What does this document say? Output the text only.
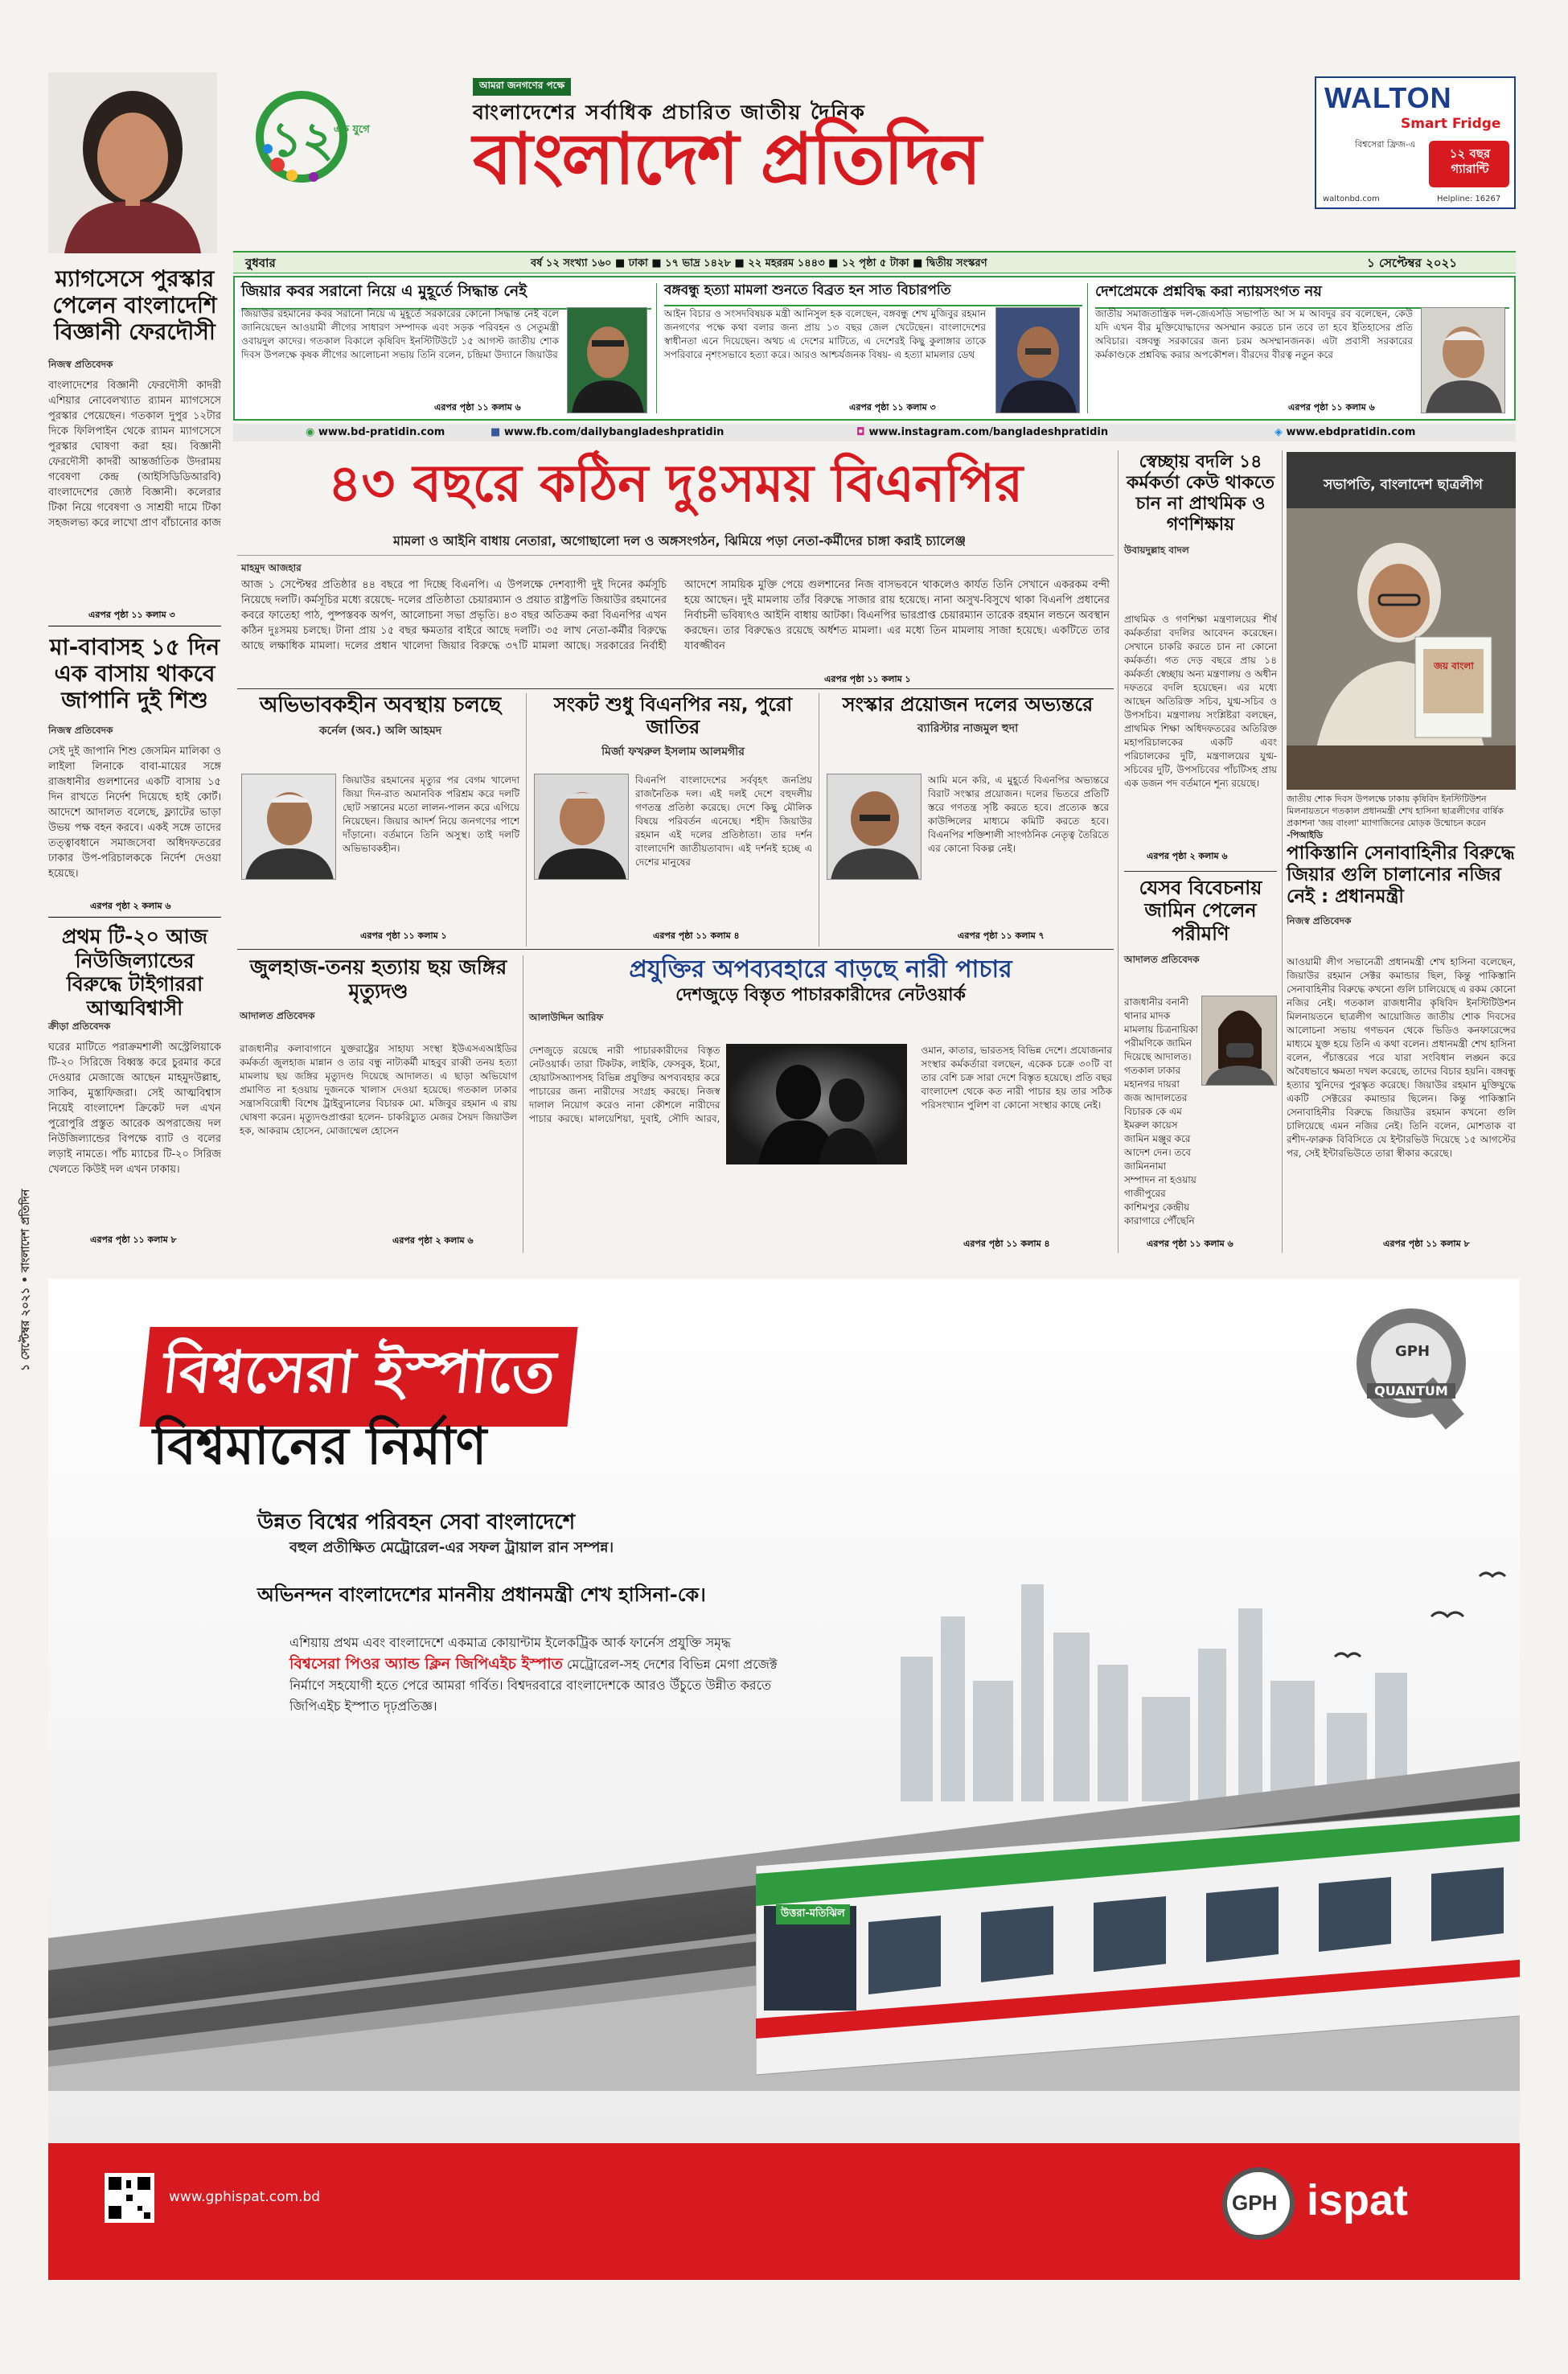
ম্যাগসেসে পুরস্কার পেলেন বাংলাদেশি বিজ্ঞানী ফেরদৌসী
নিজস্ব প্রতিবেদক
বাংলাদেশের বিজ্ঞানী ফেরদৌসী কাদরী এশিয়ার নোবেলখ্যাত র‍্যামন ম্যাগসেসে পুরস্কার পেয়েছেন। গতকাল দুপুর ১২টার দিকে ফিলিপাইন থেকে র‍্যামন ম্যাগসেসে পুরস্কার ঘোষণা করা হয়। বিজ্ঞানী ফেরদৌসী কাদরী আন্তর্জাতিক উদরাময় গবেষণা কেন্দ্র (আইসিডিডিআরবি) বাংলাদেশের জ্যেষ্ঠ বিজ্ঞানী। কলেরার টিকা নিয়ে গবেষণা ও সাশ্রয়ী দামে টিকা সহজলভ্য করে লাখো প্রাণ বাঁচানোর কাজ
এরপর পৃষ্ঠা ১১ কলাম ৩
মা-বাবাসহ ১৫ দিন এক বাসায় থাকবে জাপানি দুই শিশু
নিজস্ব প্রতিবেদক
সেই দুই জাপানি শিশু জেসমিন মালিকা ও লাইলা লিনাকে বাবা-মায়ের সঙ্গে রাজধানীর গুলশানের একটি বাসায় ১৫ দিন রাখতে নির্দেশ দিয়েছে হাই কোর্ট। আদেশে আদালত বলেছে, ফ্ল্যাটের ভাড়া উভয় পক্ষ বহন করবে। একই সঙ্গে তাদের তত্ত্বাবধানে সমাজসেবা অধিদফতরের ঢাকার উপ-পরিচালককে নির্দেশ দেওয়া হয়েছে।
এরপর পৃষ্ঠা ২ কলাম ৬
প্রথম টি-২০ আজ নিউজিল্যান্ডের বিরুদ্ধে টাইগাররা আত্মবিশ্বাসী
ক্রীড়া প্রতিবেদক
ঘরের মাটিতে পরাক্রমশালী অস্ট্রেলিয়াকে টি-২০ সিরিজে বিধ্বস্ত করে চুরমার করে দেওয়ার মেজাজে আছেন মাহমুদউল্লাহ, সাকিব, মুস্তাফিজরা। সেই আত্মবিশ্বাস নিয়েই বাংলাদেশ ক্রিকেট দল এখন পুরোপুরি প্রস্তুত আরেক অপরাজেয় দল নিউজিল্যান্ডের বিপক্ষে ব্যাট ও বলের লড়াই নামতে। পাঁচ ম্যাচের টি-২০ সিরিজ খেলতে কিউই দল এখন ঢাকায়।
এরপর পৃষ্ঠা ১১ কলাম ৮
১ সেপ্টেম্বর ২০২১ • বাংলাদেশ প্রতিদিন
১২ এক যুগে
আমরা জনগণের পক্ষে
বাংলাদেশের সর্বাধিক প্রচারিত জাতীয় দৈনিক
বাংলাদেশ প্রতিদিন
WALTON
Smart Fridge
বিশ্বসেরা ফ্রিজ-এ
১২ বছর গ্যারান্টি
waltonbd.com	Helpline: 16267
বুধবার	বর্ষ ১২ সংখ্যা ১৬০ ■ ঢাকা ■ ১৭ ভাদ্র ১৪২৮ ■ ২২ মহররম ১৪৪৩ ■ ১২ পৃষ্ঠা ৫ টাকা ■ দ্বিতীয় সংস্করণ	১ সেপ্টেম্বর ২০২১
জিয়ার কবর সরানো নিয়ে এ মুহূর্তে সিদ্ধান্ত নেই
জিয়াউর রহমানের কবর সরানো নিয়ে এ মুহূর্তে সরকারের কোনো সিদ্ধান্ত নেই বলে জানিয়েছেন আওয়ামী লীগের সাধারণ সম্পাদক এবং সড়ক পরিবহন ও সেতুমন্ত্রী ওবায়দুল কাদের। গতকাল বিকালে কৃষিবিদ ইনস্টিটিউটে ১৫ আগস্ট জাতীয় শোক দিবস উপলক্ষে কৃষক লীগের আলোচনা সভায় তিনি বলেন, চন্দ্রিমা উদ্যানে জিয়াউর
এরপর পৃষ্ঠা ১১ কলাম ৬
বঙ্গবন্ধু হত্যা মামলা শুনতে বিব্রত হন সাত বিচারপতি
আইন বিচার ও সংসদবিষয়ক মন্ত্রী আনিসুল হক বলেছেন, বঙ্গবন্ধু শেখ মুজিবুর রহমান জনগণের পক্ষে কথা বলার জন্য প্রায় ১৩ বছর জেল খেটেছেন। বাংলাদেশের স্বাধীনতা এনে দিয়েছেন। অথচ এ দেশের মাটিতে, এ দেশেরই কিছু কুলাঙ্গার তাকে সপরিবারে নৃশংসভাবে হত্যা করে। আরও আশ্চর্যজনক বিষয়- এ হত্যা মামলার ডেথ
এরপর পৃষ্ঠা ১১ কলাম ৩
দেশপ্রেমকে প্রশ্নবিদ্ধ করা ন্যায়সংগত নয়
জাতীয় সমাজতান্ত্রিক দল-জেএসডি সভাপতি আ স ম আবদুর রব বলেছেন, কেউ যদি এখন বীর মুক্তিযোদ্ধাদের অসম্মান করতে চান তবে তা হবে ইতিহাসের প্রতি অবিচার। বঙ্গবন্ধু সরকারের জন্য চরম অসম্মানজনক। এটা প্রবাসী সরকারের কর্মকাণ্ডকে প্রশ্নবিদ্ধ করার অপকৌশল। বীরদের বীরত্ব নতুন করে
এরপর পৃষ্ঠা ১১ কলাম ৬
◉ www.bd-pratidin.com	■ www.fb.com/dailybangladeshpratidin	◘ www.instagram.com/bangladeshpratidin	◈ www.ebdpratidin.com
৪৩ বছরে কঠিন দুঃসময় বিএনপির
মামলা ও আইনি বাধায় নেতারা, অগোছালো দল ও অঙ্গসংগঠন, ঝিমিয়ে পড়া নেতা-কর্মীদের চাঙ্গা করাই চ্যালেঞ্জ
মাহমুদ আজহার
আজ ১ সেপ্টেম্বর প্রতিষ্ঠার ৪৪ বছরে পা দিচ্ছে বিএনপি। এ উপলক্ষে দেশব্যাপী দুই দিনের কর্মসূচি নিয়েছে দলটি। কর্মসূচির মধ্যে রয়েছে- দলের প্রতিষ্ঠাতা চেয়ারম্যান ও প্রয়াত রাষ্ট্রপতি জিয়াউর রহমানের কবরে ফাতেহা পাঠ, পুষ্পস্তবক অর্পণ, আলোচনা সভা প্রভৃতি। ৪৩ বছর অতিক্রম করা বিএনপির এখন কঠিন দুঃসময় চলছে। টানা প্রায় ১৫ বছর ক্ষমতার বাইরে আছে দলটি। ৩৫ লাখ নেতা-কর্মীর বিরুদ্ধে আছে লক্ষাধিক মামলা। দলের প্রধান খালেদা জিয়ার বিরুদ্ধে ৩৭টি মামলা আছে। সরকারের নির্বাহী আদেশে সাময়িক মুক্তি পেয়ে গুলশানের নিজ বাসভবনে থাকলেও কার্যত তিনি সেখানে একরকম বন্দী হয়ে আছেন। দুই মামলায় তাঁর বিরুদ্ধে সাজার রায় হয়েছে। নানা অসুখ-বিসুখে থাকা বিএনপি প্রধানের নির্বাচনী ভবিষ্যৎও আইনি বাধায় আটকা। বিএনপির ভারপ্রাপ্ত চেয়ারম্যান তারেক রহমান লন্ডনে অবস্থান করছেন। তার বিরুদ্ধেও রয়েছে অর্ধশত মামলা। এর মধ্যে তিন মামলায় সাজা হয়েছে। একটিতে তার যাবজ্জীবন
এরপর পৃষ্ঠা ১১ কলাম ১
অভিভাবকহীন অবস্থায় চলছে
কর্নেল (অব.) অলি আহমদ
জিয়াউর রহমানের মৃত্যুর পর বেগম খালেদা জিয়া দিন-রাত অমানবিক পরিশ্রম করে দলটি ছোট সন্তানের মতো লালন-পালন করে এগিয়ে নিয়েছেন। জিয়ার আদর্শ নিয়ে জনগণের পাশে দাঁড়ানো। বর্তমানে তিনি অসুস্থ। তাই দলটি অভিভাবকহীন।
এরপর পৃষ্ঠা ১১ কলাম ১
সংকট শুধু বিএনপির নয়, পুরো জাতির
মির্জা ফখরুল ইসলাম আলমগীর
বিএনপি বাংলাদেশের সর্ববৃহৎ জনপ্রিয় রাজনৈতিক দল। এই দলই দেশে বহুদলীয় গণতন্ত্র প্রতিষ্ঠা করেছে। দেশে কিছু মৌলিক বিষয়ে পরিবর্তন এনেছে। শহীদ জিয়াউর রহমান এই দলের প্রতিষ্ঠাতা। তার দর্শন বাংলাদেশি জাতীয়তাবাদ। এই দর্শনই হচ্ছে এ দেশের মানুষের
এরপর পৃষ্ঠা ১১ কলাম ৪
সংস্কার প্রয়োজন দলের অভ্যন্তরে
ব্যারিস্টার নাজমুল হুদা
আমি মনে করি, এ মুহূর্তে বিএনপির অভ্যন্তরে বিরাট সংস্কার প্রয়োজন। দলের ভিতরে প্রতিটি স্তরে গণতন্ত্র সৃষ্টি করতে হবে। প্রত্যেক স্তরে কাউন্সিলের মাধ্যমে কমিটি করতে হবে। বিএনপির শক্তিশালী সাংগঠনিক নেতৃত্ব তৈরিতে এর কোনো বিকল্প নেই।
এরপর পৃষ্ঠা ১১ কলাম ৭
জুলহাজ-তনয় হত্যায় ছয় জঙ্গির মৃত্যুদণ্ড
আদালত প্রতিবেদক
রাজধানীর কলাবাগানে যুক্তরাষ্ট্রের সাহায্য সংস্থা ইউএসএআইডির কর্মকর্তা জুলহাজ মান্নান ও তার বন্ধু নাট্যকর্মী মাহবুব রাব্বী তনয় হত্যা মামলায় ছয় জঙ্গির মৃত্যুদণ্ড দিয়েছে আদালত। এ ছাড়া অভিযোগ প্রমাণিত না হওয়ায় দুজনকে খালাস দেওয়া হয়েছে। গতকাল ঢাকার সন্ত্রাসবিরোধী বিশেষ ট্রাইব্যুনালের বিচারক মো. মজিবুর রহমান এ রায় ঘোষণা করেন। মৃত্যুদণ্ডপ্রাপ্তরা হলেন- চাকরিচ্যুত মেজর সৈয়দ জিয়াউল হক, আকরাম হোসেন, মোজাম্মেল হোসেন
এরপর পৃষ্ঠা ২ কলাম ৬
প্রযুক্তির অপব্যবহারে বাড়ছে নারী পাচার
দেশজুড়ে বিস্তৃত পাচারকারীদের নেটওয়ার্ক
আলাউদ্দিন আরিফ
দেশজুড়ে রয়েছে নারী পাচারকারীদের বিস্তৃত নেটওয়ার্ক। তারা টিকটক, লাইকি, ফেসবুক, ইমো, হোয়াটসঅ্যাপসহ বিভিন্ন প্রযুক্তির অপব্যবহার করে পাচারের জন্য নারীদের সংগ্রহ করছে। নিজস্ব দালাল নিয়োগ করেও নানা কৌশলে নারীদের পাচার করছে। মালয়েশিয়া, দুবাই, সৌদি আরব, ওমান, কাতার, ভারতসহ বিভিন্ন দেশে। প্রযোজনার সংস্থার কর্মকর্তারা বলছেন, একেক চক্রে ৩০টি বা তার বেশি চক্র সারা দেশে বিস্তৃত হয়েছে। প্রতি বছর বাংলাদেশ থেকে কত নারী পাচার হয় তার সঠিক পরিসংখ্যান পুলিশ বা কোনো সংস্থার কাছে নেই।
এরপর পৃষ্ঠা ১১ কলাম ৪
স্বেচ্ছায় বদলি ১৪ কর্মকর্তা কেউ থাকতে চান না প্রাথমিক ও গণশিক্ষায়
উবায়দুল্লাহ বাদল
প্রাথমিক ও গণশিক্ষা মন্ত্রণালয়ের শীর্ষ কর্মকর্তারা বদলির আবেদন করেছেন। সেখানে চাকরি করতে চান না কোনো কর্মকর্তা। গত দেড় বছরে প্রায় ১৪ কর্মকর্তা স্বেচ্ছায় অন্য মন্ত্রণালয় ও অধীন দফতরে বদলি হয়েছেন। এর মধ্যে আছেন অতিরিক্ত সচিব, যুগ্ম-সচিব ও উপসচিব। মন্ত্রণালয় সংশ্লিষ্টরা বলছেন, প্রাথমিক শিক্ষা অধিদফতরের অতিরিক্ত মহাপরিচালকের একটি এবং পরিচালকের দুটি, মন্ত্রণালয়ের যুগ্ম-সচিবের দুটি, উপসচিবের পাঁচটিসহ প্রায় এক ডজন পদ বর্তমানে শূন্য রয়েছে।
এরপর পৃষ্ঠা ২ কলাম ৬
যেসব বিবেচনায় জামিন পেলেন পরীমণি
আদালত প্রতিবেদক
রাজধানীর বনানী থানার মাদক মামলায় চিত্রনায়িকা পরীমণিকে জামিন দিয়েছে আদালত। গতকাল ঢাকার মহানগর দায়রা জজ আদালতের বিচারক কে এম ইমরুল কায়েস জামিন মঞ্জুর করে আদেশ দেন। তবে জামিননামা সম্পাদন না হওয়ায় গাজীপুরের কাশিমপুর কেন্দ্রীয় কারাগারে পৌঁছেনি
এরপর পৃষ্ঠা ১১ কলাম ৬
সভাপতি, বাংলাদেশ ছাত্রলীগ
জয় বাংলা
জাতীয় শোক দিবস উপলক্ষে ঢাকায় কৃষিবিদ ইনস্টিটিউশন মিলনায়তনে গতকাল প্রধানমন্ত্রী শেখ হাসিনা ছাত্রলীগের বার্ষিক প্রকাশনা 'জয় বাংলা' ম্যাগাজিনের মোড়ক উন্মোচন করেন -পিআইডি
উত্তরা-মতিঝিল
GPH
QUANTUM
বিশ্বসেরা ইস্পাতে
বিশ্বমানের নির্মাণ
উন্নত বিশ্বের পরিবহন সেবা বাংলাদেশে
বহুল প্রতীক্ষিত মেট্রোরেল-এর সফল ট্রায়াল রান সম্পন্ন।
অভিনন্দন বাংলাদেশের মাননীয় প্রধানমন্ত্রী শেখ হাসিনা-কে।
এশিয়ায় প্রথম এবং বাংলাদেশে একমাত্র কোয়ান্টাম ইলেকট্রিক আর্ক ফার্নেস প্রযুক্তি সমৃদ্ধ
বিশ্বসেরা পিওর অ্যান্ড ক্লিন জিপিএইচ ইস্পাত মেট্রোরেল-সহ দেশের বিভিন্ন মেগা প্রজেক্ট নির্মাণে সহযোগী হতে পেরে আমরা গর্বিত। বিশ্বদরবারে বাংলাদেশকে আরও উঁচুতে উন্নীত করতে জিপিএইচ ইস্পাত দৃঢ়প্রতিজ্ঞ।
www.gphispat.com.bd	GPH ispat
পাকিস্তানি সেনাবাহিনীর বিরুদ্ধে জিয়ার গুলি চালানোর নজির নেই : প্রধানমন্ত্রী
নিজস্ব প্রতিবেদক
আওয়ামী লীগ সভানেত্রী প্রধানমন্ত্রী শেখ হাসিনা বলেছেন, জিয়াউর রহমান সেক্টর কমান্ডার ছিল, কিন্তু পাকিস্তানি সেনাবাহিনীর বিরুদ্ধে কখনো গুলি চালিয়েছে এ রকম কোনো নজির নেই। গতকাল রাজধানীর কৃষিবিদ ইনস্টিটিউশন মিলনায়তনে ছাত্রলীগ আয়োজিত জাতীয় শোক দিবসের আলোচনা সভায় গণভবন থেকে ভিডিও কনফারেন্সের মাধ্যমে যুক্ত হয়ে তিনি এ কথা বলেন। প্রধানমন্ত্রী শেখ হাসিনা বলেন, পঁচাত্তরের পরে যারা সংবিধান লঙ্ঘন করে অবৈধভাবে ক্ষমতা দখল করেছে, তাদের বিচার হয়নি। বঙ্গবন্ধু হত্যার খুনিদের পুরস্কৃত করেছে। জিয়াউর রহমান মুক্তিযুদ্ধে একটি সেক্টরের কমান্ডার ছিলেন। কিন্তু পাকিস্তানি সেনাবাহিনীর বিরুদ্ধে জিয়াউর রহমান কখনো গুলি চালিয়েছে এমন নজির নেই। তিনি বলেন, মোশতাক বা রশীদ-ফারুক বিবিসিতে যে ইন্টারভিউ দিয়েছে ১৫ আগস্টের পর, সেই ইন্টারভিউতে তারা স্বীকার করেছে।
এরপর পৃষ্ঠা ১১ কলাম ৮
